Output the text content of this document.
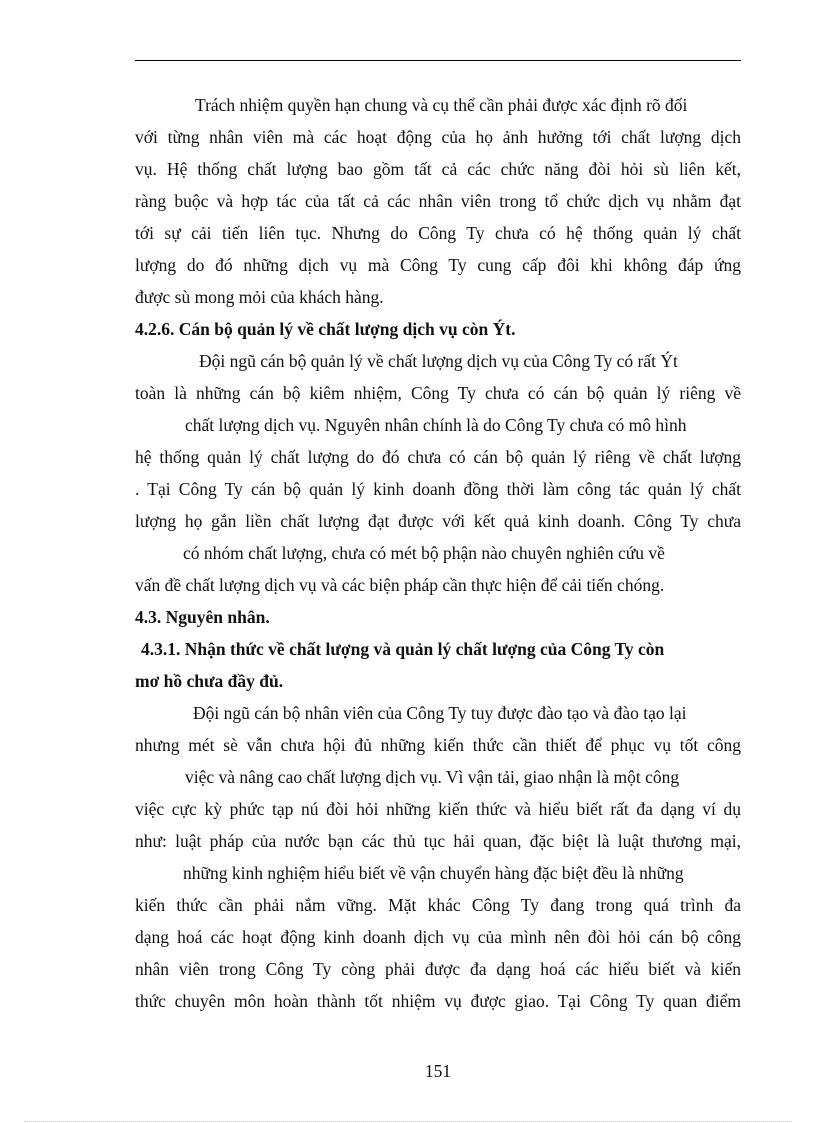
Trách nhiệm quyền hạn chung và cụ thể cần phải được xác định rõ đối
với từng nhân viên mà các hoạt động của họ ảnh hưởng tới chất lượng dịch
vụ. Hệ thống chất lượng bao gồm tất cả các chức năng đòi hỏi sù liên kết,
ràng buộc và hợp tác của tất cả các nhân viên trong tổ chức dịch vụ nhằm đạt
tới sự cải tiến liên tục. Nhưng do Công Ty chưa có hệ thống quản lý chất
lượng do đó những dịch vụ mà Công Ty cung cấp đôi khi không đáp ứng
được sù mong mỏi của khách hàng.
4.2.6. Cán bộ quản lý về chất lượng dịch vụ còn Ýt.
Đội ngũ cán bộ quản lý về chất lượng dịch vụ của Công Ty có rất Ýt
toàn là những cán bộ kiêm nhiệm, Công Ty chưa có cán bộ quản lý riêng về
chất lượng dịch vụ. Nguyên nhân chính là do Công Ty chưa có mô hình
hệ thống quản lý chất lượng do đó chưa có cán bộ quản lý riêng về chất lượng
. Tại Công Ty cán bộ quản lý kinh doanh đồng thời làm công tác quản lý chất
lượng họ gắn liền chất lượng đạt được với kết quả kinh doanh. Công Ty chưa
có nhóm chất lượng, chưa có mét bộ phận nào chuyên nghiên cứu về
vấn đề chất lượng dịch vụ và các biện pháp cần thực hiện để cải tiến chóng.
4.3. Nguyên nhân.
4.3.1. Nhận thức về chất lượng và quản lý chất lượng của Công Ty còn
mơ hồ chưa đầy đủ.
Đội ngũ cán bộ nhân viên của Công Ty tuy được đào tạo và đào tạo lại
nhưng mét sè vẫn chưa hội đủ những kiến thức cần thiết để phục vụ tốt công
việc và nâng cao chất lượng dịch vụ. Vì vận tải, giao nhận là một công
việc cực kỳ phức tạp nú đòi hỏi những kiến thức và hiểu biết rất đa dạng ví dụ
như: luật pháp của nước bạn các thủ tục hải quan, đặc biệt là luật thương mại,
những kinh nghiệm hiểu biết về vận chuyển hàng đặc biệt đều là những
kiến thức cần phải nắm vững. Mặt khác Công Ty đang trong quá trình đa
dạng hoá các hoạt động kinh doanh dịch vụ của mình nên đòi hỏi cán bộ công
nhân viên trong Công Ty còng phải được đa dạng hoá các hiểu biết và kiến
thức chuyên môn hoàn thành tốt nhiệm vụ được giao. Tại Công Ty quan điểm
151
